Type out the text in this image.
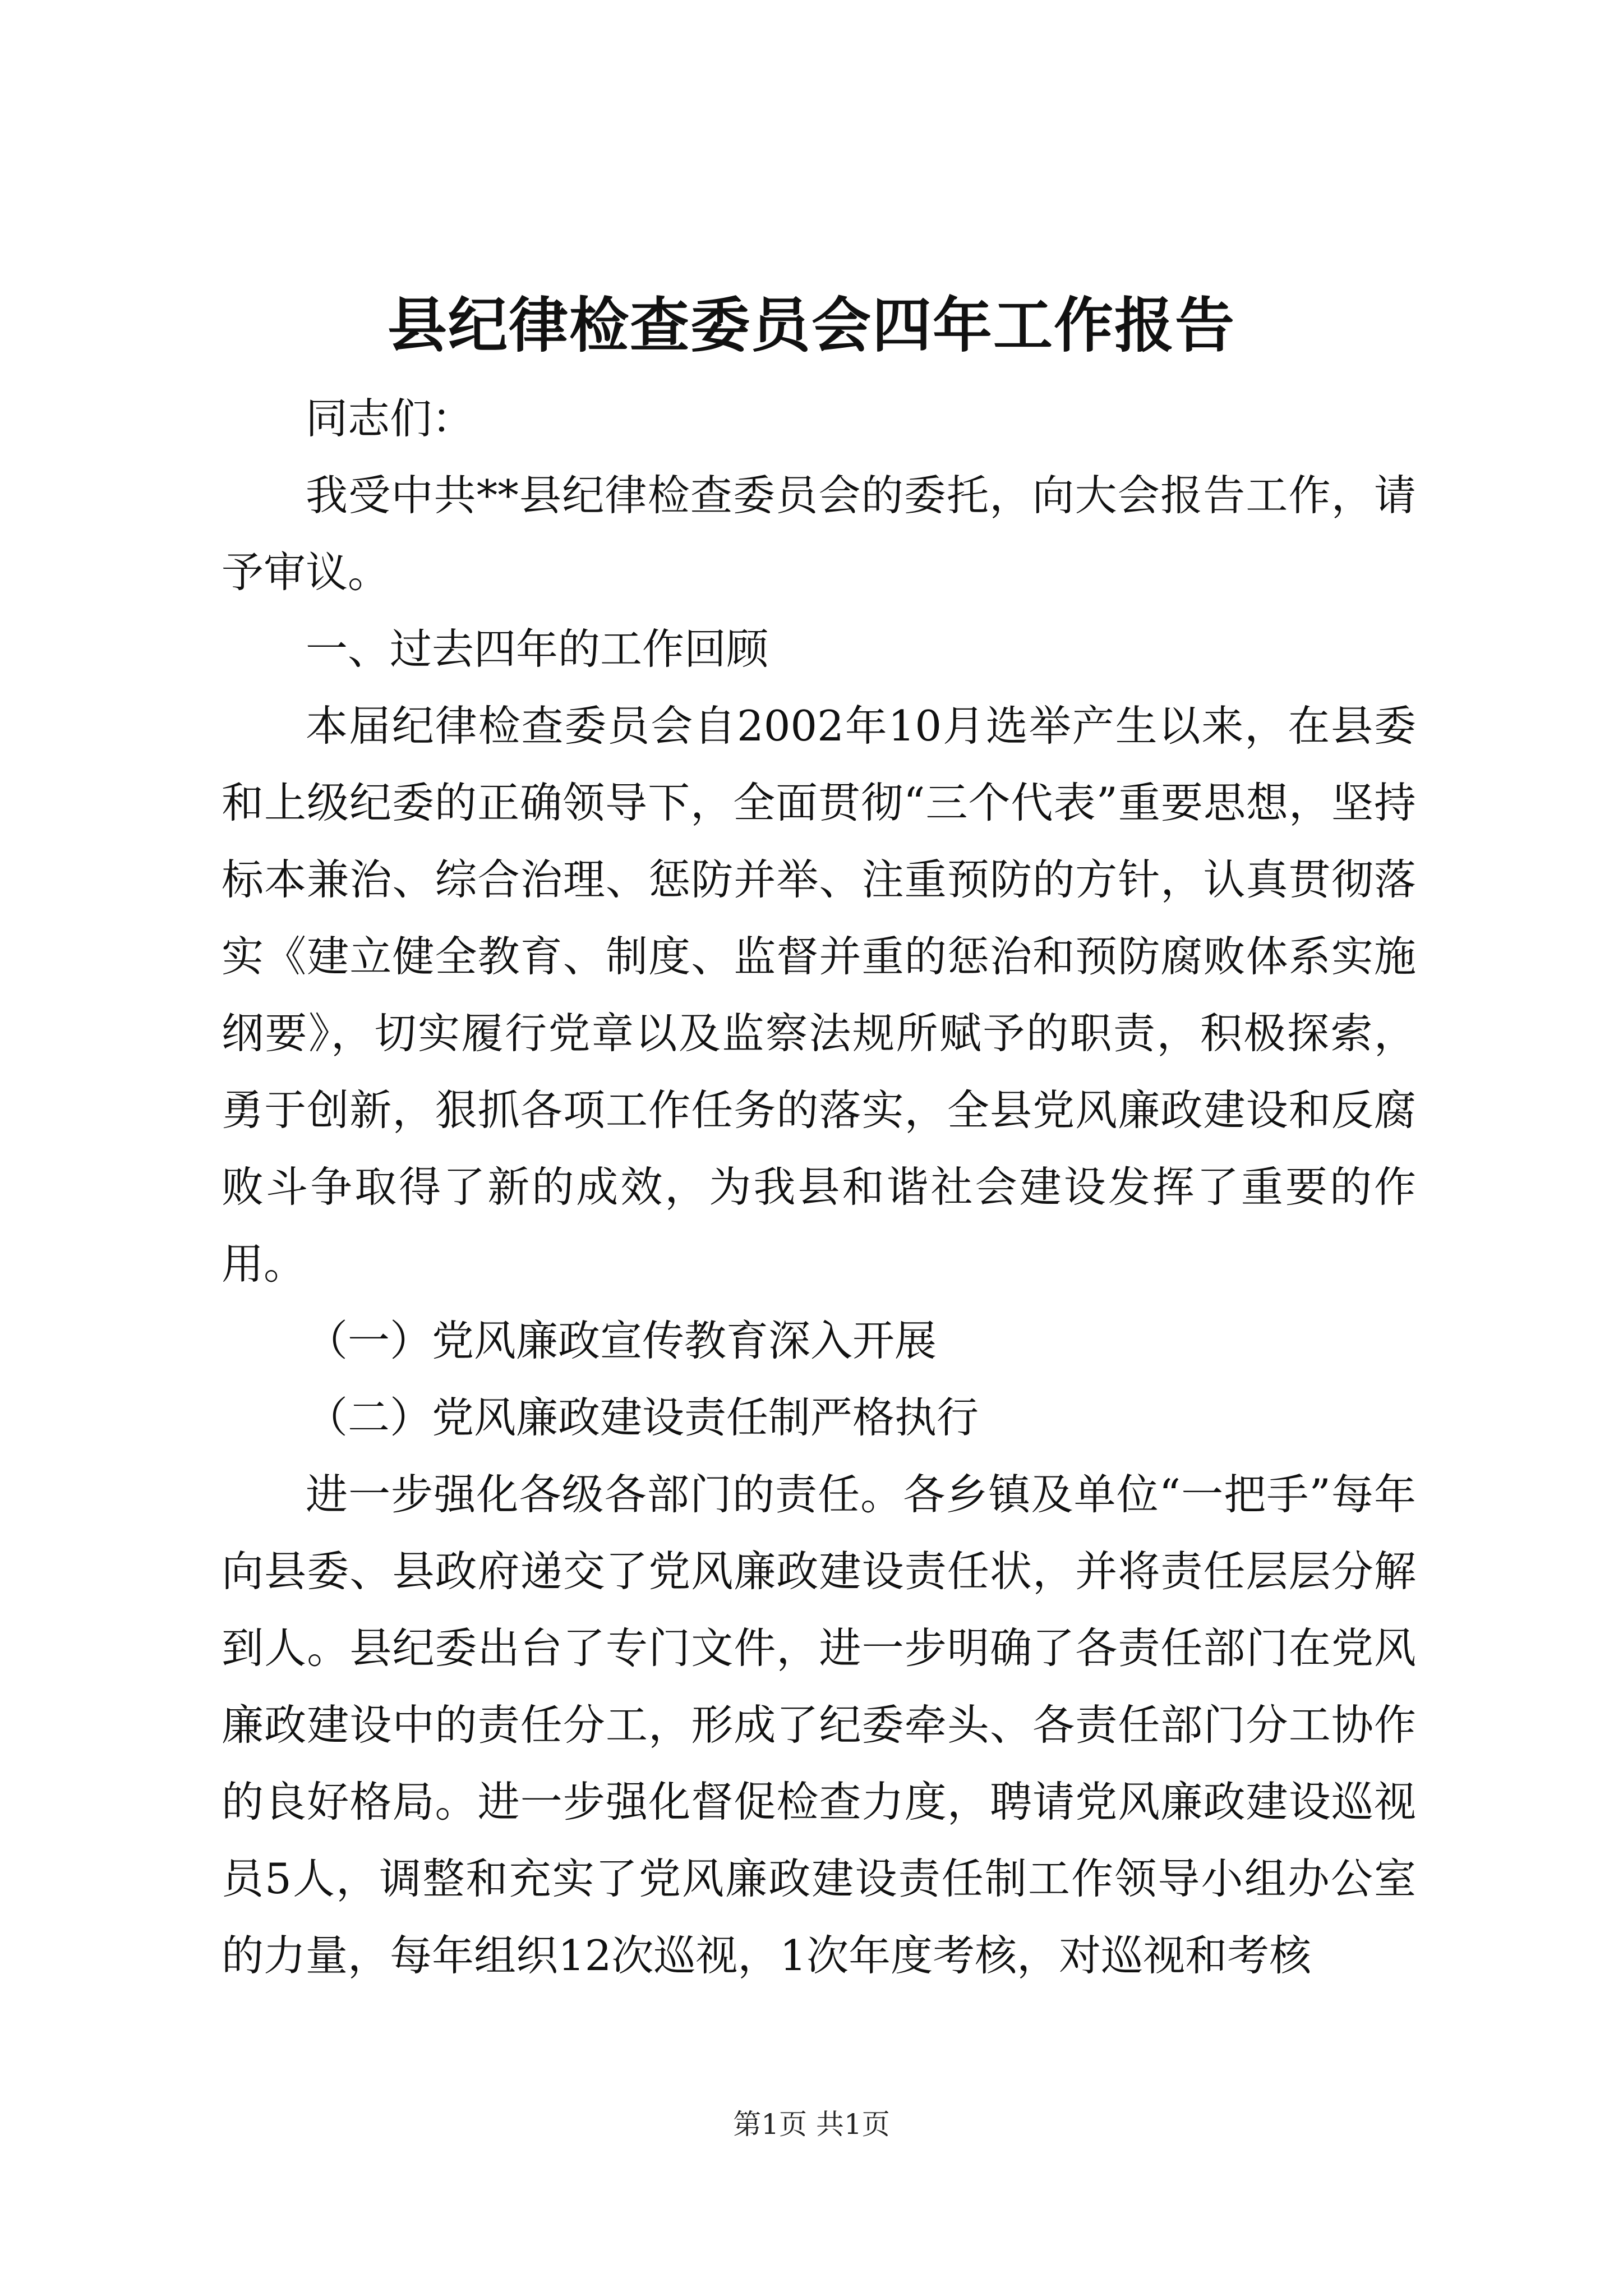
县纪律检查委员会四年工作报告

同志们：

我受中共**县纪律检查委员会的委托，向大会报告工作，请予审议。

一、过去四年的工作回顾

本届纪律检查委员会自2002年10月选举产生以来，在县委和上级纪委的正确领导下，全面贯彻“三个代表”重要思想，坚持标本兼治、综合治理、惩防并举、注重预防的方针，认真贯彻落实《建立健全教育、制度、监督并重的惩治和预防腐败体系实施纲要》，切实履行党章以及监察法规所赋予的职责，积极探索，勇于创新，狠抓各项工作任务的落实，全县党风廉政建设和反腐败斗争取得了新的成效，为我县和谐社会建设发挥了重要的作用。

（一）党风廉政宣传教育深入开展

（二）党风廉政建设责任制严格执行

进一步强化各级各部门的责任。各乡镇及单位“一把手”每年向县委、县政府递交了党风廉政建设责任状，并将责任层层分解到人。县纪委出台了专门文件，进一步明确了各责任部门在党风廉政建设中的责任分工，形成了纪委牵头、各责任部门分工协作的良好格局。进一步强化督促检查力度，聘请党风廉政建设巡视员5人，调整和充实了党风廉政建设责任制工作领导小组办公室的力量，每年组织12次巡视，1次年度考核，对巡视和考核

第1页 共1页
